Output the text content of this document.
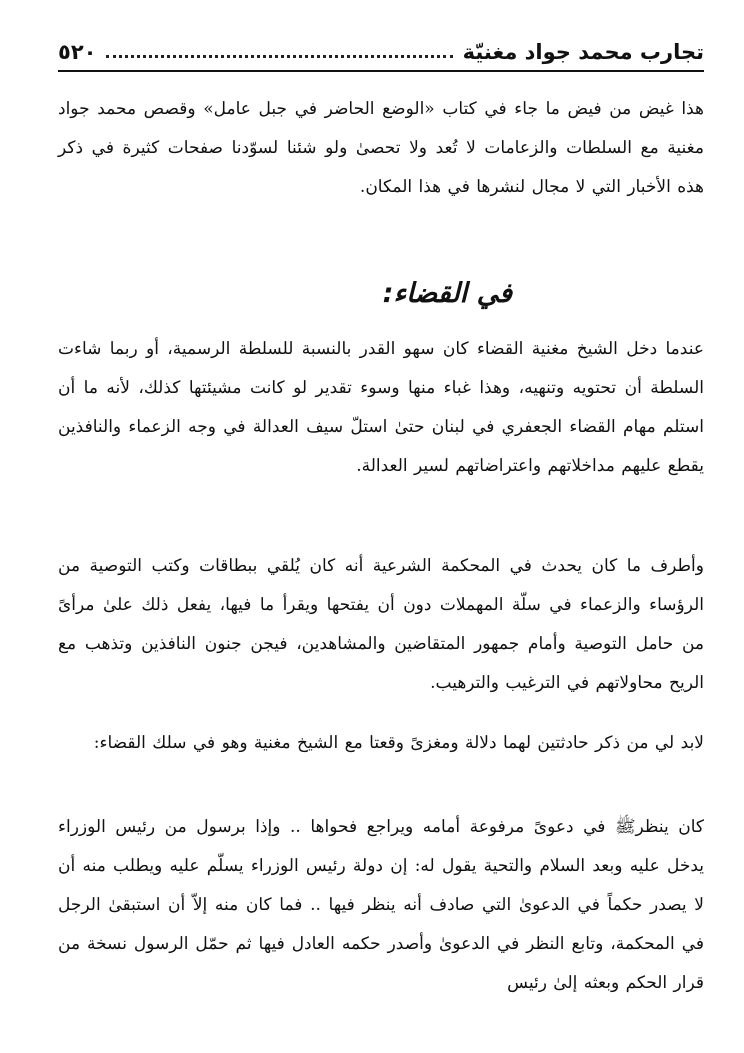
تجارب محمد جواد مغنيّة
٥٢٠

هذا غيض من فيض ما جاء في كتاب «الوضع الحاضر في جبل عامل» وقصص محمد جواد مغنية مع السلطات والزعامات لا تُعد ولا تحصىٰ ولو شئنا لسوّدنا صفحات كثيرة في ذكر هذه الأخبار التي لا مجال لنشرها في هذا المكان.

في القضاء:

عندما دخل الشيخ مغنية القضاء كان سهو القدر بالنسبة للسلطة الرسمية، أو ربما شاءت السلطة أن تحتويه وتنهيه، وهذا غباء منها وسوء تقدير لو كانت مشيئتها كذلك، لأنه ما أن استلم مهام القضاء الجعفري في لبنان حتىٰ استلّ سيف العدالة في وجه الزعماء والنافذين يقطع عليهم مداخلاتهم واعتراضاتهم لسير العدالة.

وأطرف ما كان يحدث في المحكمة الشرعية أنه كان يُلقي ببطاقات وكتب التوصية من الرؤساء والزعماء في سلّة المهملات دون أن يفتحها ويقرأ ما فيها، يفعل ذلك علىٰ مرأىً من حامل التوصية وأمام جمهور المتقاضين والمشاهدين، فيجن جنون النافذين وتذهب مع الريح محاولاتهم في الترغيب والترهيب.

لابد لي من ذكر حادثتين لهما دلالة ومغزىً وقعتا مع الشيخ مغنية وهو في سلك القضاء:

كان ينظر‏‎ﷺ‎ في دعوىً مرفوعة أمامه ويراجع فحواها .. وإذا برسول من رئيس الوزراء يدخل عليه وبعد السلام والتحية يقول له: إن دولة رئيس الوزراء يسلّم عليه ويطلب منه أن لا يصدر حكماً في الدعوىٰ التي صادف أنه ينظر فيها .. فما كان منه إلاّ أن استبقىٰ الرجل في المحكمة، وتابع النظر في الدعوىٰ وأصدر حكمه العادل فيها ثم حمّل الرسول نسخة من قرار الحكم وبعثه إلىٰ رئيس
